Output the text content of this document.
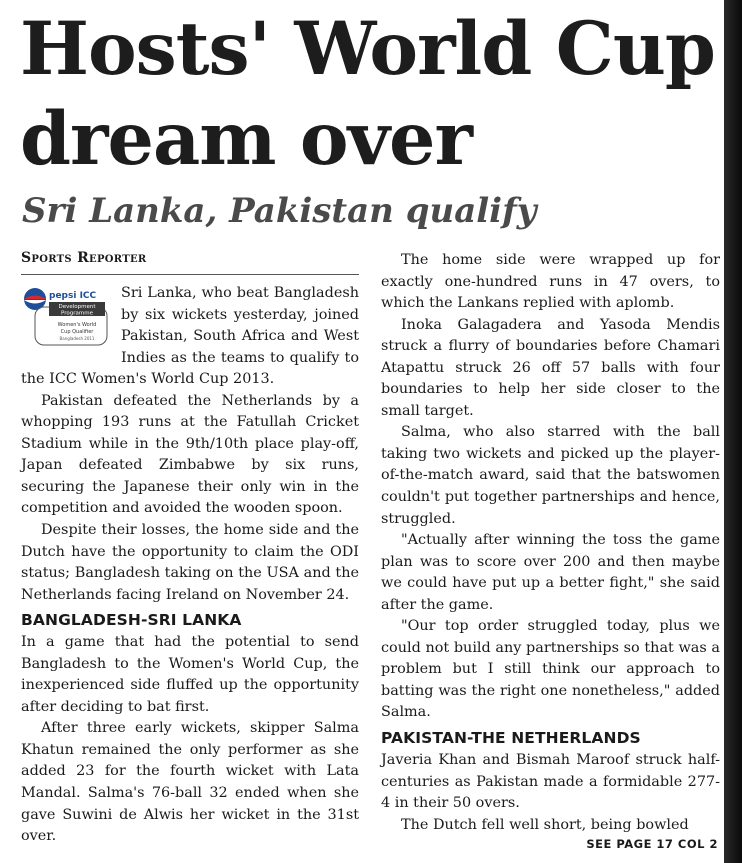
Hosts' World Cup dream over
Sri Lanka, Pakistan qualify
Sports Reporter
pepsi ICC
Development
Programme
Women's World
Cup Qualifier
Bangladesh 2011

Sri Lanka, who beat Bangladesh by six wickets yesterday, joined Pakistan, South Africa and West Indies as the teams to qualify to the ICC Women's World Cup 2013.

Pakistan defeated the Netherlands by a whopping 193 runs at the Fatullah Cricket Stadium while in the 9th/10th place play-off, Japan defeated Zimbabwe by six runs, securing the Japanese their only win in the competition and avoided the wooden spoon.

Despite their losses, the home side and the Dutch have the opportunity to claim the ODI status; Bangladesh taking on the USA and the Netherlands facing Ireland on November 24.

BANGLADESH-SRI LANKA

In a game that had the potential to send Bangladesh to the Women's World Cup, the inexperienced side fluffed up the opportunity after deciding to bat first.

After three early wickets, skipper Salma Khatun remained the only performer as she added 23 for the fourth wicket with Lata Mandal. Salma's 76-ball 32 ended when she gave Suwini de Alwis her wicket in the 31st over.

The home side were wrapped up for exactly one-hundred runs in 47 overs, to which the Lankans replied with aplomb.

Inoka Galagadera and Yasoda Mendis struck a flurry of boundaries before Chamari Atapattu struck 26 off 57 balls with four boundaries to help her side closer to the small target.

Salma, who also starred with the ball taking two wickets and picked up the player-of-the-match award, said that the batswomen couldn't put together partnerships and hence, struggled.

"Actually after winning the toss the game plan was to score over 200 and then maybe we could have put up a better fight," she said after the game.

"Our top order struggled today, plus we could not build any partnerships so that was a problem but I still think our approach to batting was the right one nonetheless," added Salma.

PAKISTAN-THE NETHERLANDS

Javeria Khan and Bismah Maroof struck half-centuries as Pakistan made a formidable 277-4 in their 50 overs.

The Dutch fell well short, being bowled

SEE PAGE 17 COL 2
